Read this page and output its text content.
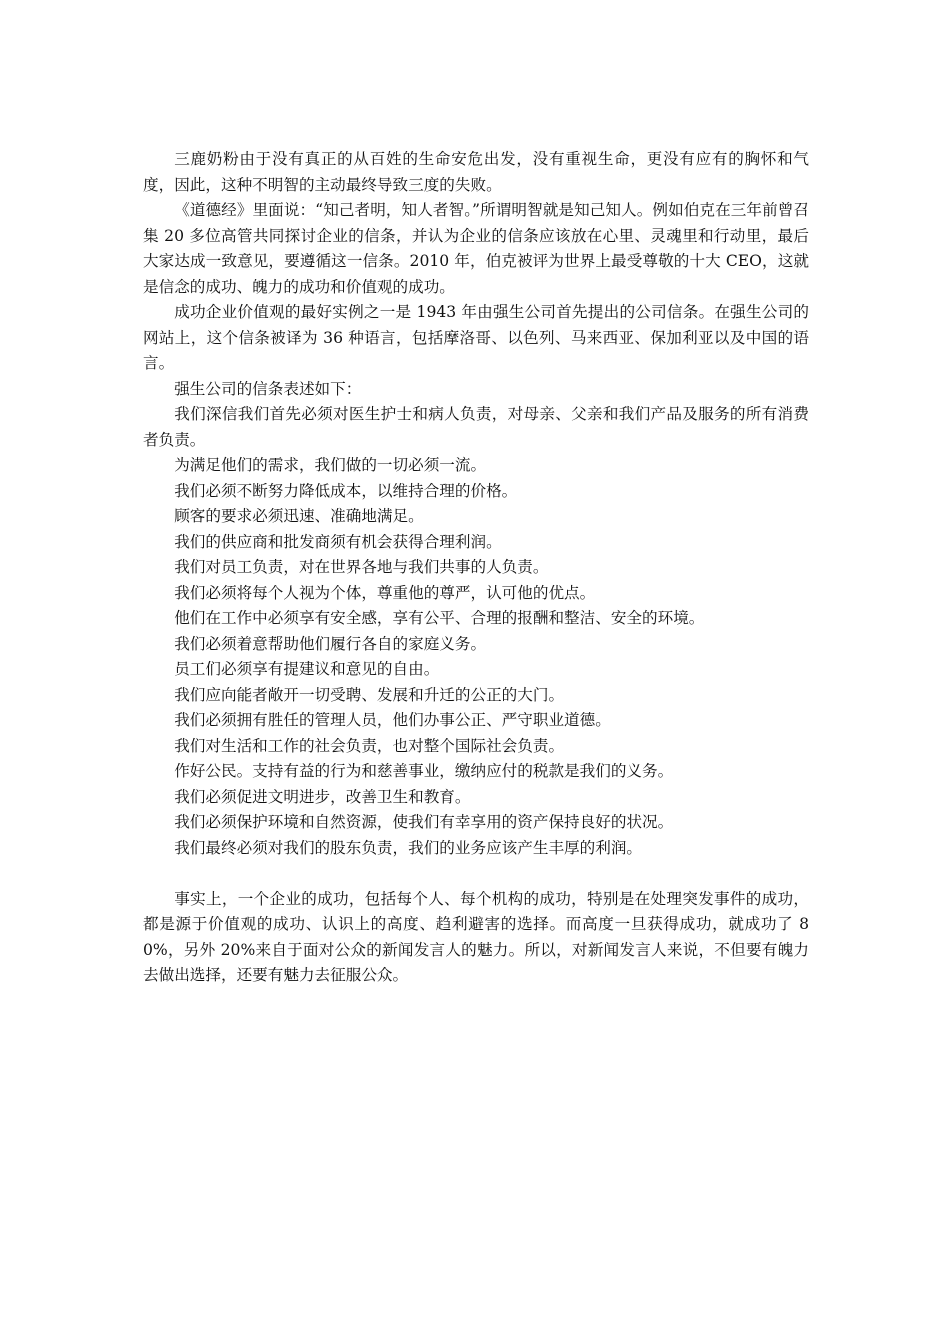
三鹿奶粉由于没有真正的从百姓的生命安危出发，没有重视生命，更没有应有的胸怀和气度，因此，这种不明智的主动最终导致三度的失败。

《道德经》里面说：“知己者明，知人者智。”所谓明智就是知己知人。例如伯克在三年前曾召集 20 多位高管共同探讨企业的信条，并认为企业的信条应该放在心里、灵魂里和行动里，最后大家达成一致意见，要遵循这一信条。2010 年，伯克被评为世界上最受尊敬的十大 CEO，这就是信念的成功、魄力的成功和价值观的成功。

成功企业价值观的最好实例之一是 1943 年由强生公司首先提出的公司信条。在强生公司的网站上，这个信条被译为 36 种语言，包括摩洛哥、以色列、马来西亚、保加利亚以及中国的语言。

强生公司的信条表述如下：

我们深信我们首先必须对医生护士和病人负责，对母亲、父亲和我们产品及服务的所有消费者负责。

为满足他们的需求，我们做的一切必须一流。

我们必须不断努力降低成本，以维持合理的价格。

顾客的要求必须迅速、准确地满足。

我们的供应商和批发商须有机会获得合理利润。

我们对员工负责，对在世界各地与我们共事的人负责。

我们必须将每个人视为个体，尊重他的尊严，认可他的优点。

他们在工作中必须享有安全感，享有公平、合理的报酬和整洁、安全的环境。

我们必须着意帮助他们履行各自的家庭义务。

员工们必须享有提建议和意见的自由。

我们应向能者敞开一切受聘、发展和升迁的公正的大门。

我们必须拥有胜任的管理人员，他们办事公正、严守职业道德。

我们对生活和工作的社会负责，也对整个国际社会负责。

作好公民。支持有益的行为和慈善事业，缴纳应付的税款是我们的义务。

我们必须促进文明进步，改善卫生和教育。

我们必须保护环境和自然资源，使我们有幸享用的资产保持良好的状况。

我们最终必须对我们的股东负责，我们的业务应该产生丰厚的利润。

事实上，一个企业的成功，包括每个人、每个机构的成功，特别是在处理突发事件的成功，都是源于价值观的成功、认识上的高度、趋利避害的选择。而高度一旦获得成功，就成功了 80%，另外 20%来自于面对公众的新闻发言人的魅力。所以，对新闻发言人来说，不但要有魄力去做出选择，还要有魅力去征服公众。
